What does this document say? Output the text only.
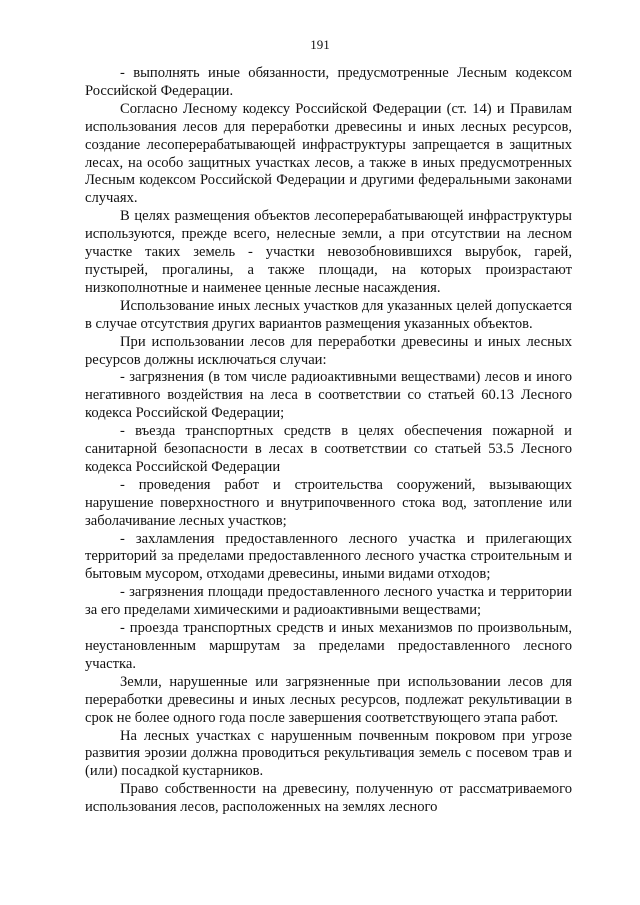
191

- выполнять иные обязанности, предусмотренные Лесным кодексом Российской Федерации.

Согласно Лесному кодексу Российской Федерации (ст. 14) и Правилам использования лесов для переработки древесины и иных лесных ресурсов, создание лесоперерабатывающей инфраструктуры запрещается в защитных лесах, на особо защитных участках лесов, а также в иных предусмотренных Лесным кодексом Российской Федерации и другими федеральными законами случаях.

В целях размещения объектов лесоперерабатывающей инфраструктуры используются, прежде всего, нелесные земли, а при отсутствии на лесном участке таких земель - участки невозобновившихся вырубок, гарей, пустырей, прогалины, а также площади, на которых произрастают низкополнотные и наименее ценные лесные насаждения.

Использование иных лесных участков для указанных целей допускается в случае отсутствия других вариантов размещения указанных объектов.

При использовании лесов для переработки древесины и иных лесных ресурсов должны исключаться случаи:

- загрязнения (в том числе радиоактивными веществами) лесов и иного негативного воздействия на леса в соответствии со статьей 60.13 Лесного кодекса Российской Федерации;

- въезда транспортных средств в целях обеспечения пожарной и санитарной безопасности в лесах в соответствии со статьей 53.5 Лесного кодекса Российской Федерации

- проведения работ и строительства сооружений, вызывающих нарушение поверхностного и внутрипочвенного стока вод, затопление или заболачивание лесных участков;

- захламления предоставленного лесного участка и прилегающих территорий за пределами предоставленного лесного участка строительным и бытовым мусором, отходами древесины, иными видами отходов;

- загрязнения площади предоставленного лесного участка и территории за его пределами химическими и радиоактивными веществами;

- проезда транспортных средств и иных механизмов по произвольным, неустановленным маршрутам за пределами предоставленного лесного участка.

Земли, нарушенные или загрязненные при использовании лесов для переработки древесины и иных лесных ресурсов, подлежат рекультивации в срок не более одного года после завершения соответствующего этапа работ.

На лесных участках с нарушенным почвенным покровом при угрозе развития эрозии должна проводиться рекультивация земель с посевом трав и (или) посадкой кустарников.

Право собственности на древесину, полученную от рассматриваемого использования лесов, расположенных на землях лесного
